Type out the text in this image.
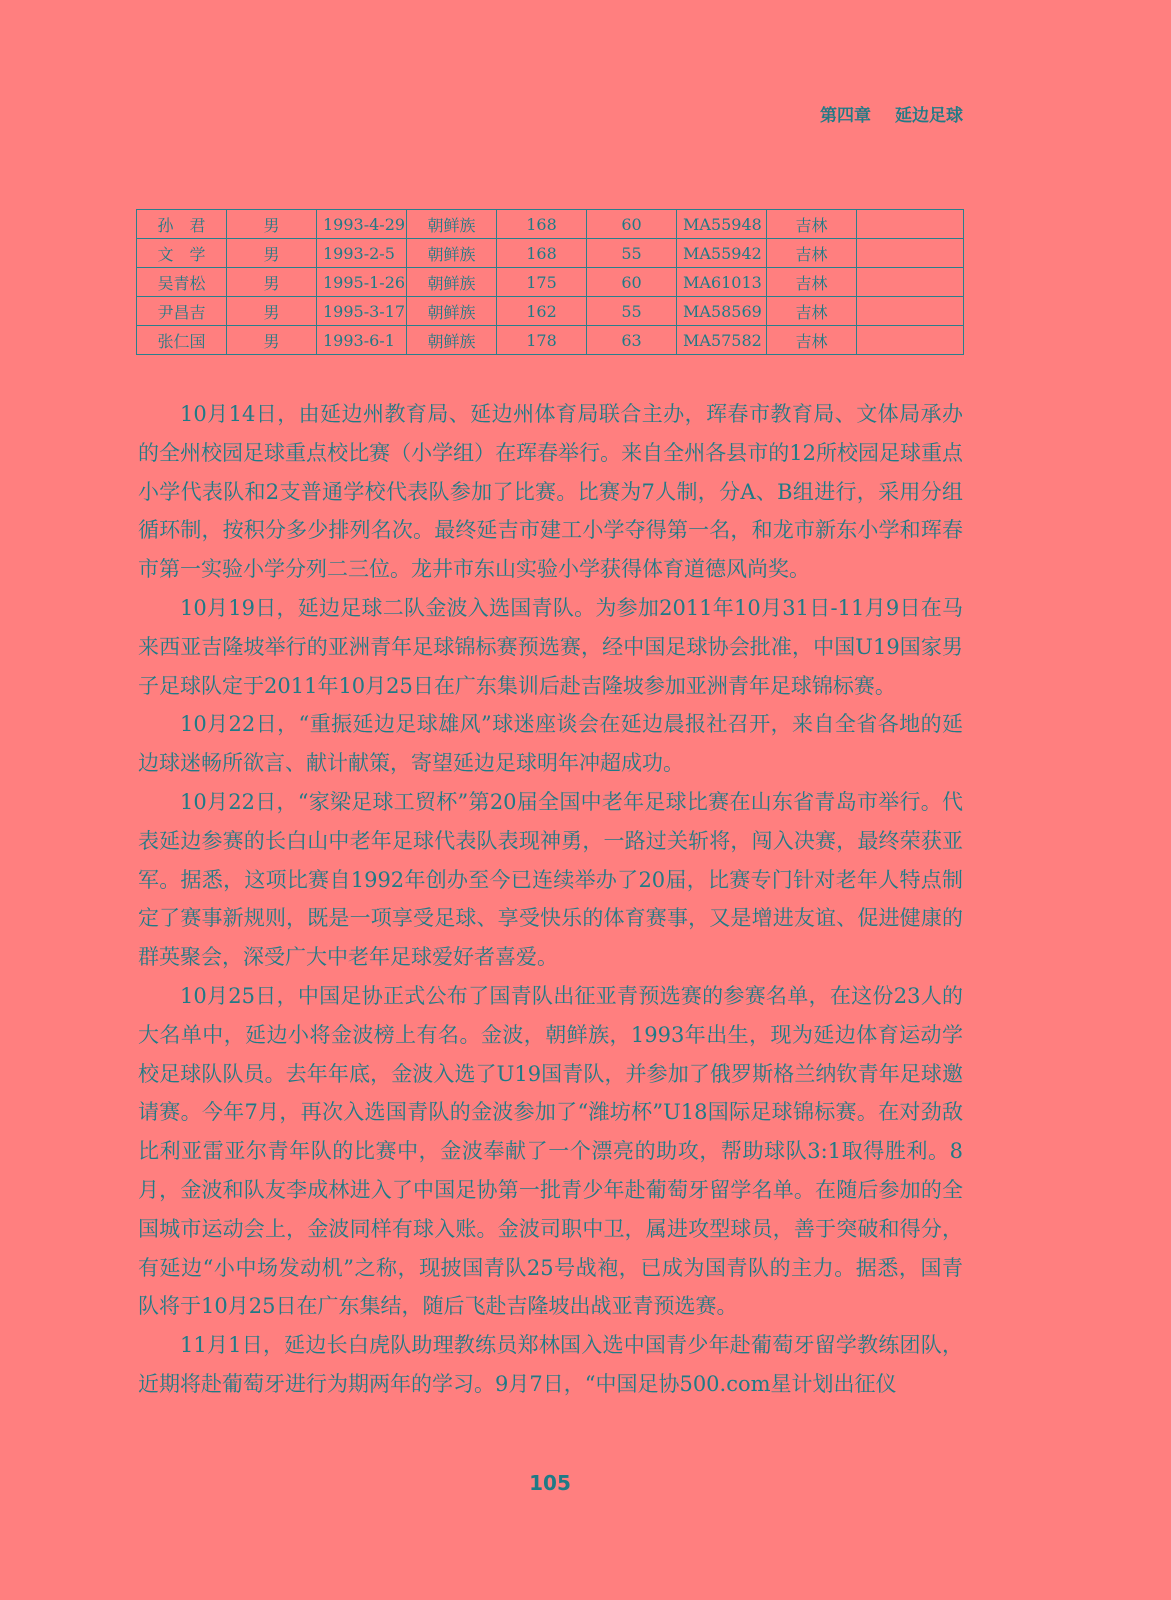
第四章 延边足球
孙　君	男	1993-4-29	朝鲜族	168	60	MA55948	吉林	
文　学	男	1993-2-5	朝鲜族	168	55	MA55942	吉林	
吴青松	男	1995-1-26	朝鲜族	175	60	MA61013	吉林	
尹昌吉	男	1995-3-17	朝鲜族	162	55	MA58569	吉林	
张仁国	男	1993-6-1	朝鲜族	178	63	MA57582	吉林	

10月14日，由延边州教育局、延边州体育局联合主办，珲春市教育局、文体局承办的全州校园足球重点校比赛（小学组）在珲春举行。来自全州各县市的12所校园足球重点小学代表队和2支普通学校代表队参加了比赛。比赛为7人制，分A、B组进行，采用分组循环制，按积分多少排列名次。最终延吉市建工小学夺得第一名，和龙市新东小学和珲春市第一实验小学分列二三位。龙井市东山实验小学获得体育道德风尚奖。

10月19日，延边足球二队金波入选国青队。为参加2011年10月31日-11月9日在马来西亚吉隆坡举行的亚洲青年足球锦标赛预选赛，经中国足球协会批准，中国U19国家男子足球队定于2011年10月25日在广东集训后赴吉隆坡参加亚洲青年足球锦标赛。

10月22日，“重振延边足球雄风”球迷座谈会在延边晨报社召开，来自全省各地的延边球迷畅所欲言、献计献策，寄望延边足球明年冲超成功。

10月22日，“家梁足球工贸杯”第20届全国中老年足球比赛在山东省青岛市举行。代表延边参赛的长白山中老年足球代表队表现神勇，一路过关斩将，闯入决赛，最终荣获亚军。据悉，这项比赛自1992年创办至今已连续举办了20届，比赛专门针对老年人特点制定了赛事新规则，既是一项享受足球、享受快乐的体育赛事，又是增进友谊、促进健康的群英聚会，深受广大中老年足球爱好者喜爱。

10月25日，中国足协正式公布了国青队出征亚青预选赛的参赛名单，在这份23人的大名单中，延边小将金波榜上有名。金波，朝鲜族，1993年出生，现为延边体育运动学校足球队队员。去年年底，金波入选了U19国青队，并参加了俄罗斯格兰纳钦青年足球邀请赛。今年7月，再次入选国青队的金波参加了“潍坊杯”U18国际足球锦标赛。在对劲敌比利亚雷亚尔青年队的比赛中，金波奉献了一个漂亮的助攻，帮助球队3:1取得胜利。8月，金波和队友李成林进入了中国足协第一批青少年赴葡萄牙留学名单。在随后参加的全国城市运动会上，金波同样有球入账。金波司职中卫，属进攻型球员，善于突破和得分，有延边“小中场发动机”之称，现披国青队25号战袍，已成为国青队的主力。据悉，国青队将于10月25日在广东集结，随后飞赴吉隆坡出战亚青预选赛。

11月1日，延边长白虎队助理教练员郑林国入选中国青少年赴葡萄牙留学教练团队，近期将赴葡萄牙进行为期两年的学习。9月7日，“中国足协500.com星计划出征仪

105
